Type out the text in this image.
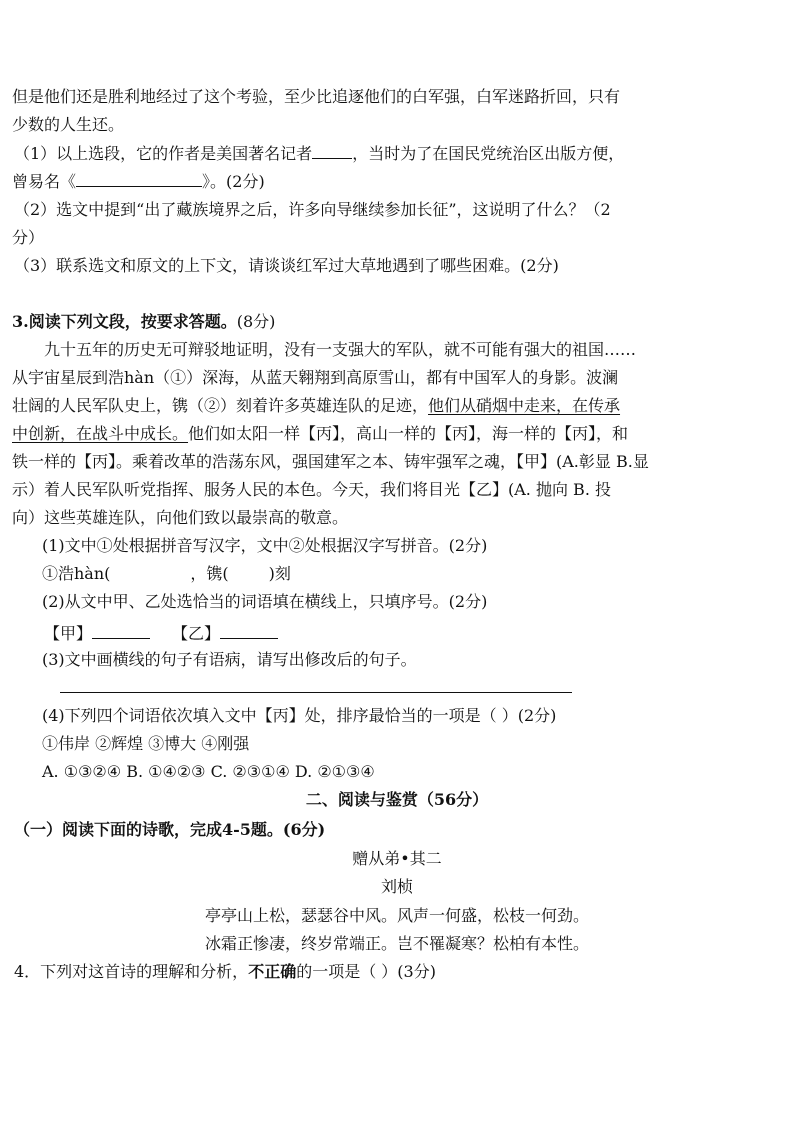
但是他们还是胜利地经过了这个考验，至少比追逐他们的白军强，白军迷路折回，只有
少数的人生还。
（1）以上选段，它的作者是美国著名记者	，当时为了在国民党统治区出版方便，
曾易名《	》。(2分)
（2）选文中提到“出了藏族境界之后，许多向导继续参加长征”，这说明了什么？（2
分）
（3）联系选文和原文的上下文，请谈谈红军过大草地遇到了哪些困难。(2分)
3.阅读下列文段，按要求答题。(8分)
九十五年的历史无可辩驳地证明，没有一支强大的军队，就不可能有强大的祖国……
从宇宙星辰到浩hàn（①）深海，从蓝天翱翔到高原雪山，都有中国军人的身影。波澜
壮阔的人民军队史上，镌（②）刻着许多英雄连队的足迹，他们从硝烟中走来，在传承
中创新，在战斗中成长。他们如太阳一样【丙】，高山一样的【丙】，海一样的【丙】，和
铁一样的【丙】。乘着改革的浩荡东风，强国建军之本、铸牢强军之魂，【甲】(A.彰显 B.显
示）着人民军队听党指挥、服务人民的本色。今天，我们将目光【乙】(A. 抛向 B. 投
向）这些英雄连队，向他们致以最崇高的敬意。
(1)文中①处根据拼音写汉字，文中②处根据汉字写拼音。(2分)
①浩hàn(	，镌(	)刻
(2)从文中甲、乙处选恰当的词语填在横线上，只填序号。(2分)
【甲】	【乙】
(3)文中画横线的句子有语病，请写出修改后的句子。
(4)下列四个词语依次填入文中【丙】处，排序最恰当的一项是（ ）(2分)
①伟岸 ②辉煌 ③博大 ④刚强
A. ①③②④ B. ①④②③ C. ②③①④ D. ②①③④
二、阅读与鉴赏（56分）
（一）阅读下面的诗歌，完成4-5题。(6分)
赠从弟•其二
刘桢
亭亭山上松，瑟瑟谷中风。风声一何盛，松枝一何劲。
冰霜正惨凄，终岁常端正。岂不罹凝寒？松柏有本性。
4．下列对这首诗的理解和分析，不正确的一项是（ ）(3分)
